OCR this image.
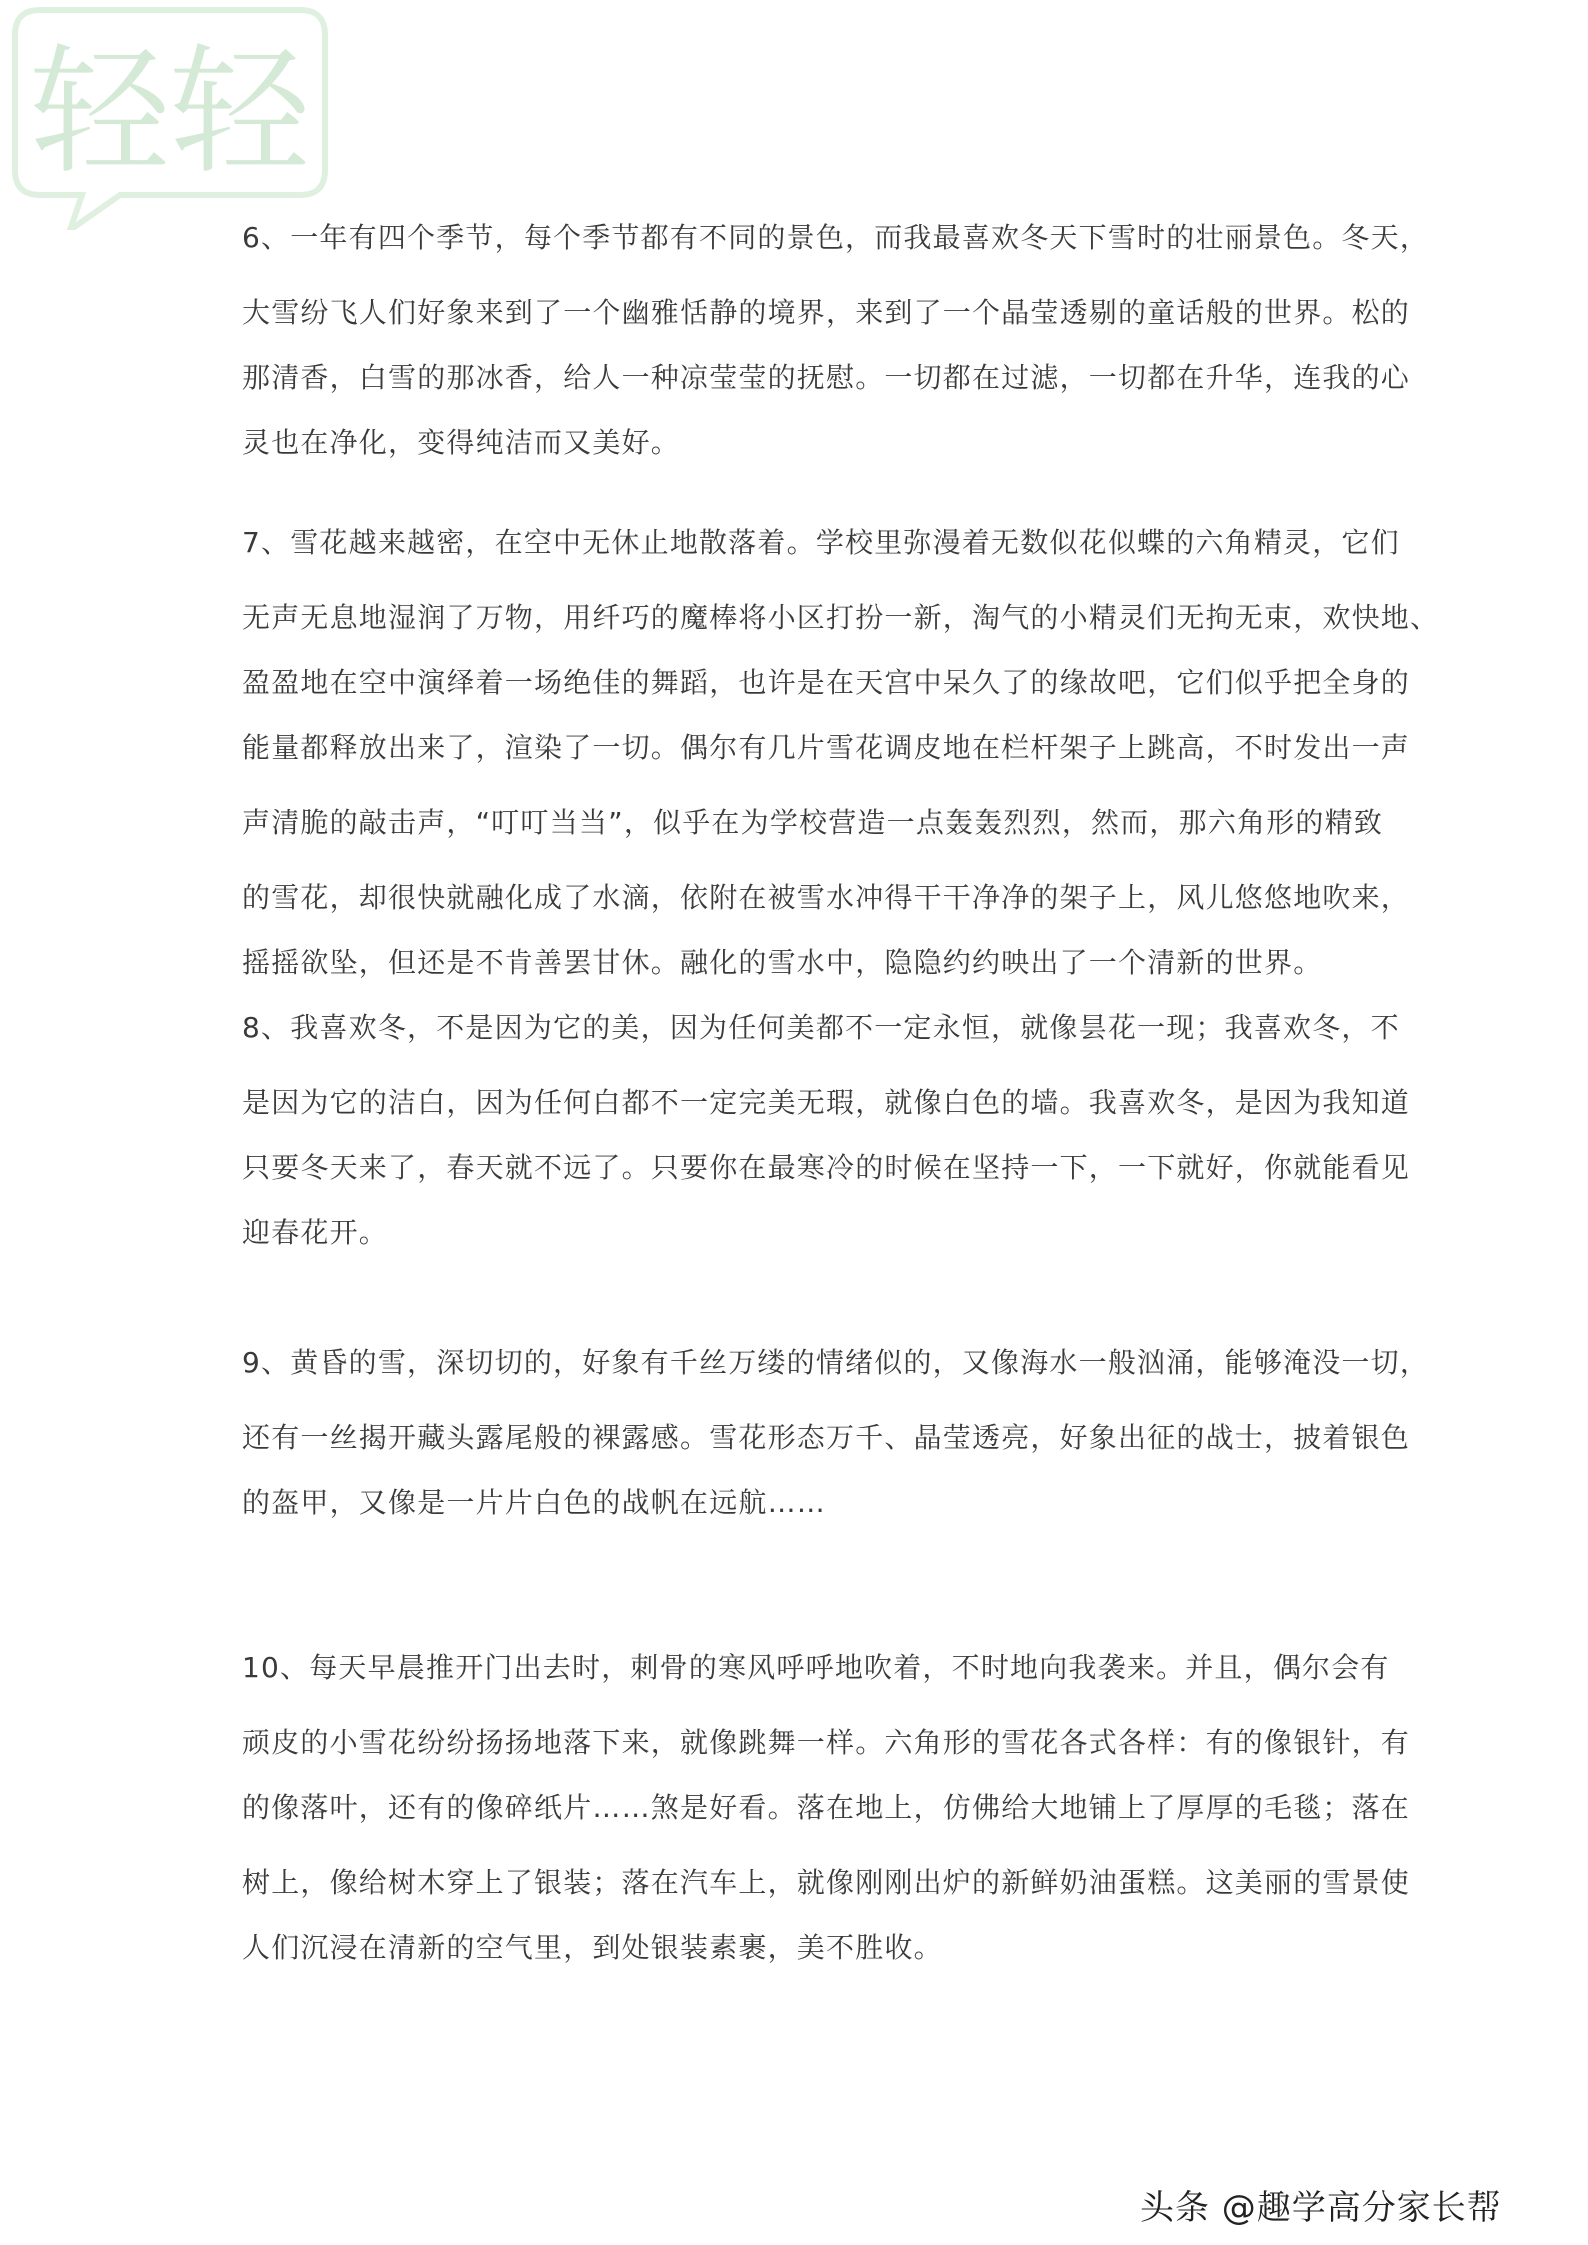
轻轻

6、一年有四个季节，每个季节都有不同的景色，而我最喜欢冬天下雪时的壮丽景色。冬天，
大雪纷飞人们好象来到了一个幽雅恬静的境界，来到了一个晶莹透剔的童话般的世界。松的
那清香，白雪的那冰香，给人一种凉莹莹的抚慰。一切都在过滤，一切都在升华，连我的心
灵也在净化，变得纯洁而又美好。

7、雪花越来越密，在空中无休止地散落着。学校里弥漫着无数似花似蝶的六角精灵，它们
无声无息地湿润了万物，用纤巧的魔棒将小区打扮一新，淘气的小精灵们无拘无束，欢快地、
盈盈地在空中演绎着一场绝佳的舞蹈，也许是在天宫中呆久了的缘故吧，它们似乎把全身的
能量都释放出来了，渲染了一切。偶尔有几片雪花调皮地在栏杆架子上跳高，不时发出一声
声清脆的敲击声，“叮叮当当”，似乎在为学校营造一点轰轰烈烈，然而，那六角形的精致
的雪花，却很快就融化成了水滴，依附在被雪水冲得干干净净的架子上，风儿悠悠地吹来，
摇摇欲坠，但还是不肯善罢甘休。融化的雪水中，隐隐约约映出了一个清新的世界。

8、我喜欢冬，不是因为它的美，因为任何美都不一定永恒，就像昙花一现；我喜欢冬，不
是因为它的洁白，因为任何白都不一定完美无瑕，就像白色的墙。我喜欢冬，是因为我知道
只要冬天来了，春天就不远了。只要你在最寒冷的时候在坚持一下，一下就好，你就能看见
迎春花开。

9、黄昏的雪，深切切的，好象有千丝万缕的情绪似的，又像海水一般汹涌，能够淹没一切，
还有一丝揭开藏头露尾般的裸露感。雪花形态万千、晶莹透亮，好象出征的战士，披着银色
的盔甲，又像是一片片白色的战帆在远航……

10、每天早晨推开门出去时，刺骨的寒风呼呼地吹着，不时地向我袭来。并且，偶尔会有
顽皮的小雪花纷纷扬扬地落下来，就像跳舞一样。六角形的雪花各式各样：有的像银针，有
的像落叶，还有的像碎纸片……煞是好看。落在地上，仿佛给大地铺上了厚厚的毛毯；落在
树上，像给树木穿上了银装；落在汽车上，就像刚刚出炉的新鲜奶油蛋糕。这美丽的雪景使
人们沉浸在清新的空气里，到处银装素裹，美不胜收。

头条 @趣学高分家长帮
